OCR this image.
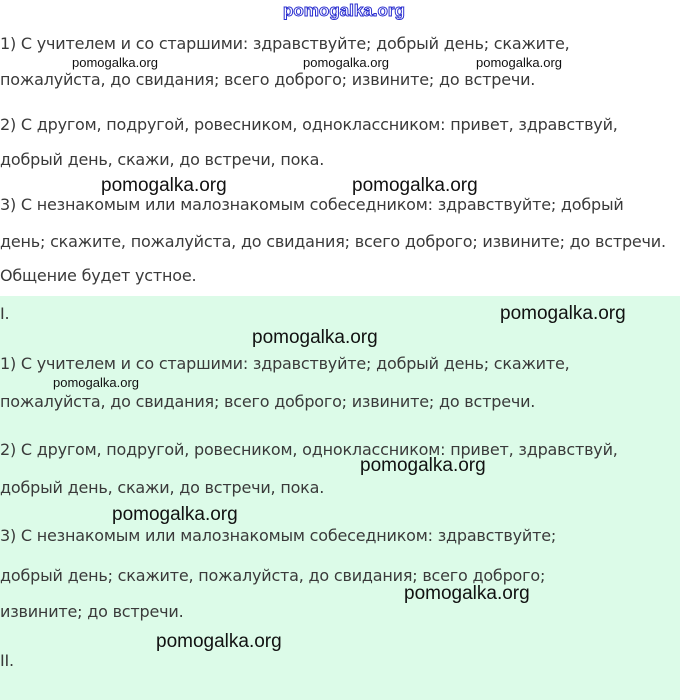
1) С учителем и со старшими: здравствуйте; добрый день; скажите,
пожалуйста, до свидания; всего доброго; извините; до встречи.
2) С другом, подругой, ровесником, одноклассником: привет, здравствуй,
добрый день, скажи, до встречи, пока.
3) С незнакомым или малознакомым собеседником: здравствуйте; добрый
день; скажите, пожалуйста, до свидания; всего доброго; извините; до встречи.
Общение будет устное.
I.
1) С учителем и со старшими: здравствуйте; добрый день; скажите,
пожалуйста, до свидания; всего доброго; извините; до встречи.
2) С другом, подругой, ровесником, одноклассником: привет, здравствуй,
добрый день, скажи, до встречи, пока.
3) С незнакомым или малознакомым собеседником: здравствуйте;
добрый день; скажите, пожалуйста, до свидания; всего доброго;
извините; до встречи.
II.
pomogalka.org
pomogalka.org	pomogalka.org	pomogalka.org
pomogalka.org	pomogalka.org
pomogalka.org
pomogalka.org
pomogalka.org
pomogalka.org
pomogalka.org
pomogalka.org
pomogalka.org
